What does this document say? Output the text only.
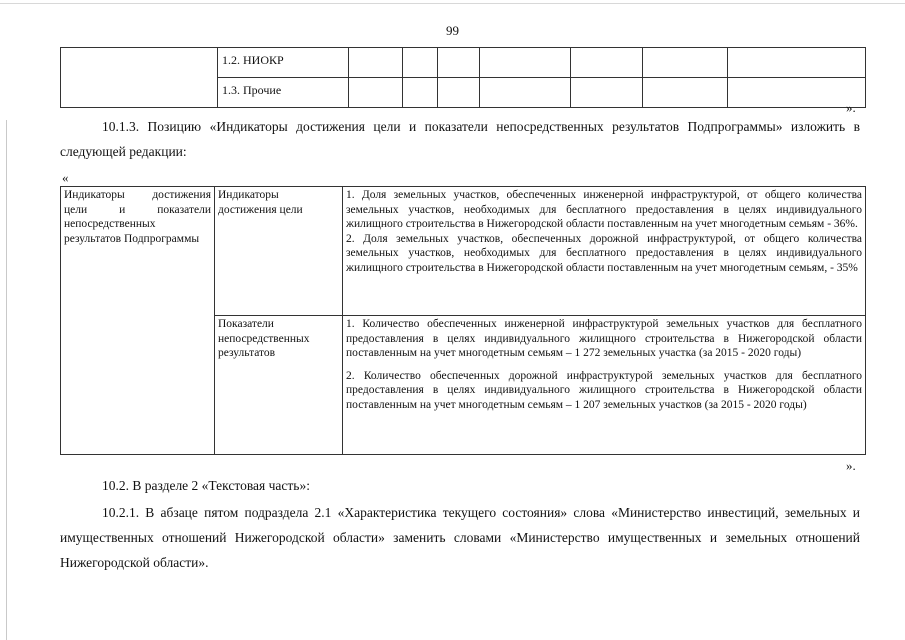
99
	1.2. НИОКР							
	1.3. Прочие							
».
10.1.3. Позицию «Индикаторы достижения цели и показатели непосредственных результатов Подпрограммы» изложить в следующей редакции:
«
Индикаторы достижения цели и показатели непосредственных результатов Подпрограммы	Индикаторы достижения цели	1. Доля земельных участков, обеспеченных инженерной инфраструктурой, от общего количества земельных участков, необходимых для бесплатного предоставления в целях индивидуального жилищного строительства в Нижегородской области поставленным на учет многодетным семьям - 36%.
2. Доля земельных участков, обеспеченных дорожной инфраструктурой, от общего количества земельных участков, необходимых для бесплатного предоставления в целях индивидуального жилищного строительства в Нижегородской области поставленным на учет многодетным семьям, - 35%

	Показатели непосредственных результатов	1. Количество обеспеченных инженерной инфраструктурой земельных участков для бесплатного предоставления в целях индивидуального жилищного строительства в Нижегородской области поставленным на учет многодетным семьям – 1 272 земельных участка (за 2015 - 2020 годы)
2. Количество обеспеченных дорожной инфраструктурой земельных участков для бесплатного предоставления в целях индивидуального жилищного строительства в Нижегородской области поставленным на учет многодетным семьям – 1 207 земельных участков (за 2015 - 2020 годы)
».
10.2. В разделе 2 «Текстовая часть»:
10.2.1. В абзаце пятом подраздела 2.1 «Характеристика текущего состояния» слова «Министерство инвестиций, земельных и имущественных отношений Нижегородской области» заменить словами «Министерство имущественных и земельных отношений Нижегородской области».
